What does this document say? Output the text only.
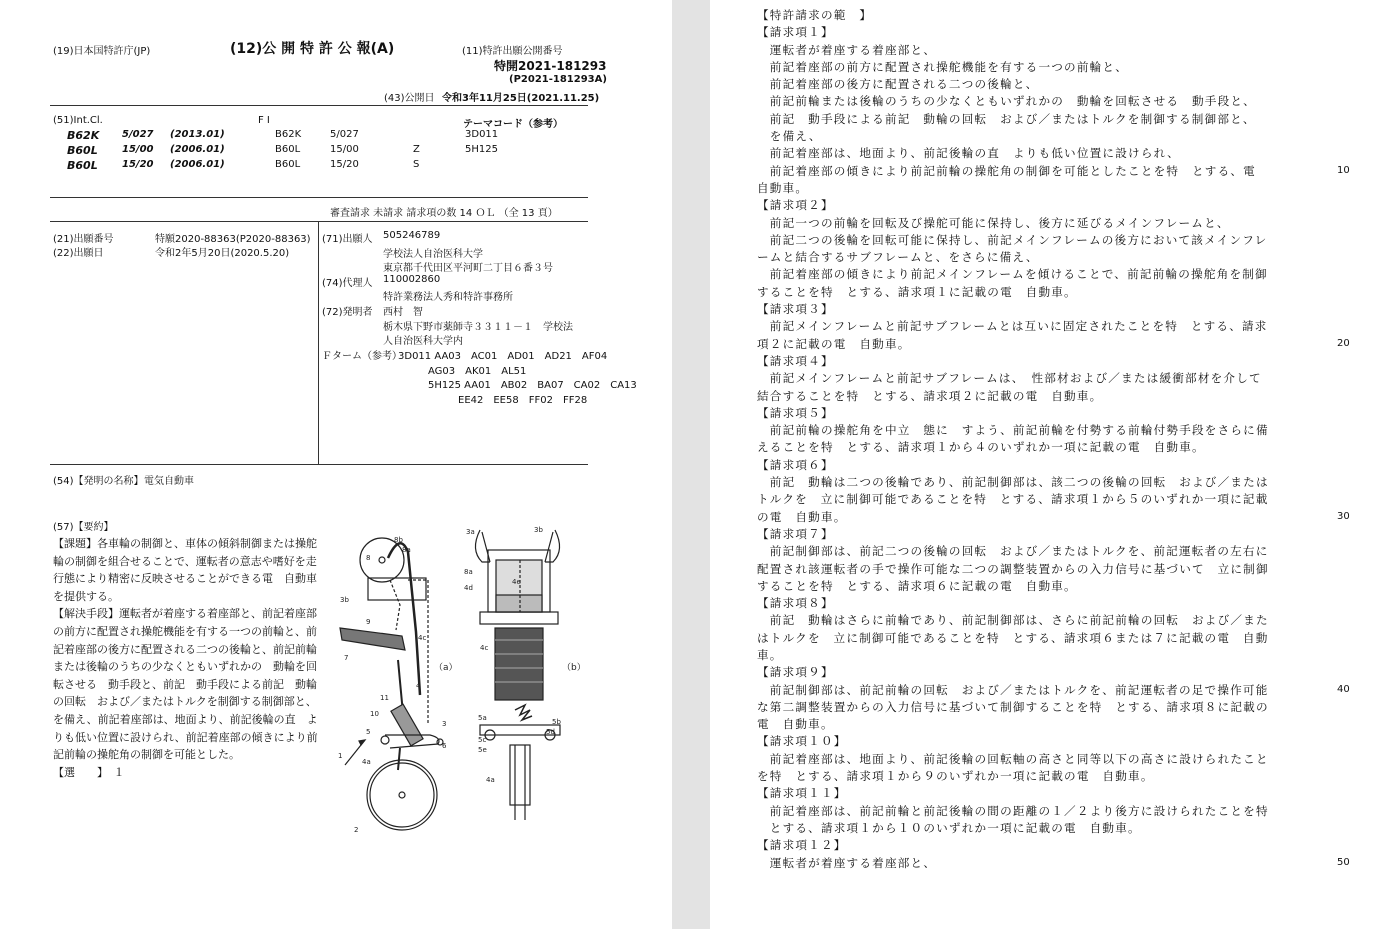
(19)日本国特許庁(JP)	(12)公 開 特 許 公 報(A)	(11)特許出願公開番号
特開2021-181293
(P2021-181293A)
(43)公開日 令和3年11月25日(2021.11.25)
(51)Int.Cl.	F I	テーマコード（参考）
B62K 5/027 (2013.01)	B62K	5/027	3D011
B60L 15/00 (2006.01)	B60L	15/00	Z	5H125
B60L 15/20 (2006.01)	B60L	15/20	S
審査請求 未請求 請求項の数 14 ＯＬ （全 13 頁）
(21)出願番号	特願2020-88363(P2020-88363)
(22)出願日	令和2年5月20日(2020.5.20)
(71)出願人 505246789
学校法人自治医科大学
東京都千代田区平河町二丁目６番３号
(74)代理人 110002860
特許業務法人秀和特許事務所
(72)発明者 西村　智
栃木県下野市薬師寺３３１１－１　学校法
人自治医科大学内
Ｆターム（参考）
3D011 AA03　AC01　AD01　AD21　AF04
　　　AG03　AK01　AL51
　　　5H125 AA01　AB02　BA07　CA02　CA13
　　　　　　EE42　EE58　FF02　FF28
(54)【発明の名称】 電気自動車
(57)【要約】

【課題】各車輪の制御と、車体の傾斜制御または操舵輪の制御を組合せることで、運転者の意志や嗜好を走行態により精密に反映させることができる電　自動車を提供する。

【解決手段】運転者が着座する着座部と、前記着座部の前方に配置され操舵機能を有する一つの前輪と、前記着座部の後方に配置される二つの後輪と、前記前輪または後輪のうちの少なくともいずれかの　動輪を回転させる　動手段と、前記　動手段による前記　動輪の回転　および／またはトルクを制御する制御部と、を備え、前記着座部は、地面より、前記後輪の直　よりも低い位置に設けられ、前記着座部の傾きにより前記前輪の操舵角の制御を可能とした。

【選　　】　１

8
8b
8a
3b
9
4c
7
11
4
10
5
1
3
6
4a
2
（a）
3a	3b
4d
8a
4e
4c
5a
5c
5e
5d
5b
4a
（b）
【特許請求の範　】
【請求項１】
　運転者が着座する着座部と、
　前記着座部の前方に配置され操舵機能を有する一つの前輪と、
　前記着座部の後方に配置される二つの後輪と、
　前記前輪または後輪のうちの少なくともいずれかの　動輪を回転させる　動手段と、
　前記　動手段による前記　動輪の回転　および／またはトルクを制御する制御部と、
　を備え、
　前記着座部は、地面より、前記後輪の直　よりも低い位置に設けられ、
　前記着座部の傾きにより前記前輪の操舵角の制御を可能としたことを特　とする、電
自動車。
【請求項２】
　前記一つの前輪を回転及び操舵可能に保持し、後方に延びるメインフレームと、
　前記二つの後輪を回転可能に保持し、前記メインフレームの後方において該メインフレ
ームと結合するサブフレームと、をさらに備え、
　前記着座部の傾きにより前記メインフレームを傾けることで、前記前輪の操舵角を制御
することを特　とする、請求項１に記載の電　自動車。
【請求項３】
　前記メインフレームと前記サブフレームとは互いに固定されたことを特　とする、請求
項２に記載の電　自動車。
【請求項４】
　前記メインフレームと前記サブフレームは、　性部材および／または緩衝部材を介して
結合することを特　とする、請求項２に記載の電　自動車。
【請求項５】
　前記前輪の操舵角を中立　態に　すよう、前記前輪を付勢する前輪付勢手段をさらに備
えることを特　とする、請求項１から４のいずれか一項に記載の電　自動車。
【請求項６】
　前記　動輪は二つの後輪であり、前記制御部は、該二つの後輪の回転　および／または
トルクを　立に制御可能であることを特　とする、請求項１から５のいずれか一項に記載
の電　自動車。
【請求項７】
　前記制御部は、前記二つの後輪の回転　および／またはトルクを、前記運転者の左右に
配置され該運転者の手で操作可能な二つの調整装置からの入力信号に基づいて　立に制御
することを特　とする、請求項６に記載の電　自動車。
【請求項８】
　前記　動輪はさらに前輪であり、前記制御部は、さらに前記前輪の回転　および／また
はトルクを　立に制御可能であることを特　とする、請求項６または７に記載の電　自動
車。
【請求項９】
　前記制御部は、前記前輪の回転　および／またはトルクを、前記運転者の足で操作可能
な第二調整装置からの入力信号に基づいて制御することを特　とする、請求項８に記載の
電　自動車。
【請求項１０】
　前記着座部は、地面より、前記後輪の回転軸の高さと同等以下の高さに設けられたこと
を特　とする、請求項１から９のいずれか一項に記載の電　自動車。
【請求項１１】
　前記着座部は、前記前輪と前記後輪の間の距離の１／２より後方に設けられたことを特
　とする、請求項１から１０のいずれか一項に記載の電　自動車。
【請求項１２】
　運転者が着座する着座部と、
10
20
30
40
50
